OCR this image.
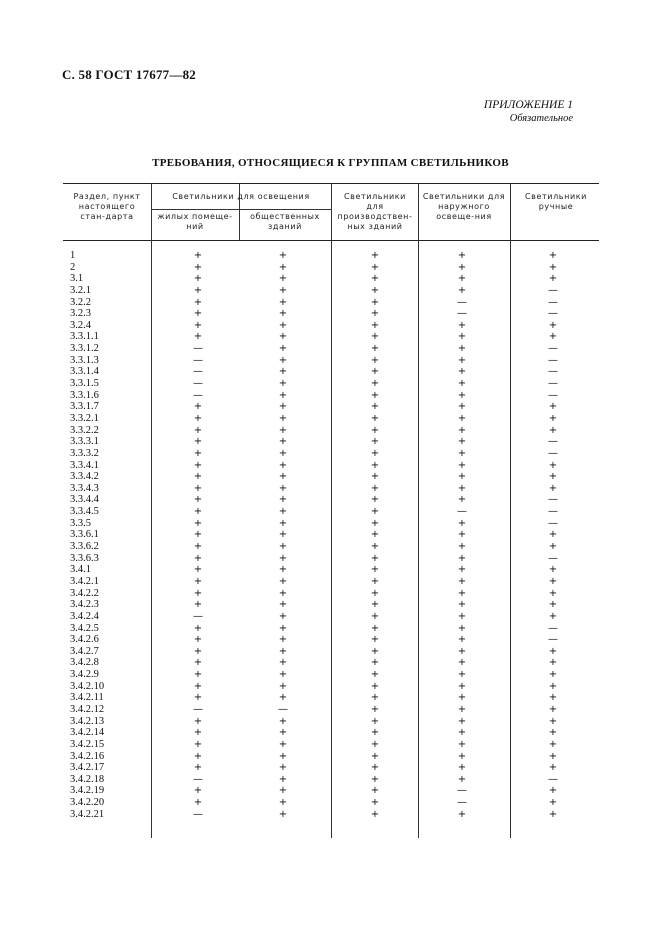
С. 58 ГОСТ 17677—82
ПРИЛОЖЕНИЕ 1
Обязательное
ТРЕБОВАНИЯ, ОТНОСЯЩИЕСЯ К ГРУППАМ СВЕТИЛЬНИКОВ
Раздел, пункт настоящего стан-дарта
Светильники для освещения
жилых помеще-ний
общественных зданий
Светильники для производствен-ных зданий
Светильники для наружного освеще-ния
Светильники ручные
1	+	+	+	+	+
2	+	+	+	+	+
3.1	+	+	+	+	+
3.2.1	+	+	+	+	—
3.2.2	+	+	+	—	—
3.2.3	+	+	+	—	—
3.2.4	+	+	+	+	+
3.3.1.1	+	+	+	+	+
3.3.1.2	—	+	+	+	—
3.3.1.3	—	+	+	+	—
3.3.1.4	—	+	+	+	—
3.3.1.5	—	+	+	+	—
3.3.1.6	—	+	+	+	—
3.3.1.7	+	+	+	+	+
3.3.2.1	+	+	+	+	+
3.3.2.2	+	+	+	+	+
3.3.3.1	+	+	+	+	—
3.3.3.2	+	+	+	+	—
3.3.4.1	+	+	+	+	+
3.3.4.2	+	+	+	+	+
3.3.4.3	+	+	+	+	+
3.3.4.4	+	+	+	+	—
3.3.4.5	+	+	+	—	—
3.3.5	+	+	+	+	—
3.3.6.1	+	+	+	+	+
3.3.6.2	+	+	+	+	+
3.3.6.3	+	+	+	+	—
3.4.1	+	+	+	+	+
3.4.2.1	+	+	+	+	+
3.4.2.2	+	+	+	+	+
3.4.2.3	+	+	+	+	+
3.4.2.4	—	+	+	+	+
3.4.2.5	+	+	+	+	—
3.4.2.6	+	+	+	+	—
3.4.2.7	+	+	+	+	+
3.4.2.8	+	+	+	+	+
3.4.2.9	+	+	+	+	+
3.4.2.10	+	+	+	+	+
3.4.2.11	+	+	+	+	+
3.4.2.12	—	—	+	+	+
3.4.2.13	+	+	+	+	+
3.4.2.14	+	+	+	+	+
3.4.2.15	+	+	+	+	+
3.4.2.16	+	+	+	+	+
3.4.2.17	+	+	+	+	+
3.4.2.18	—	+	+	+	—
3.4.2.19	+	+	+	—	+
3.4.2.20	+	+	+	—	+
3.4.2.21	—	+	+	+	+
